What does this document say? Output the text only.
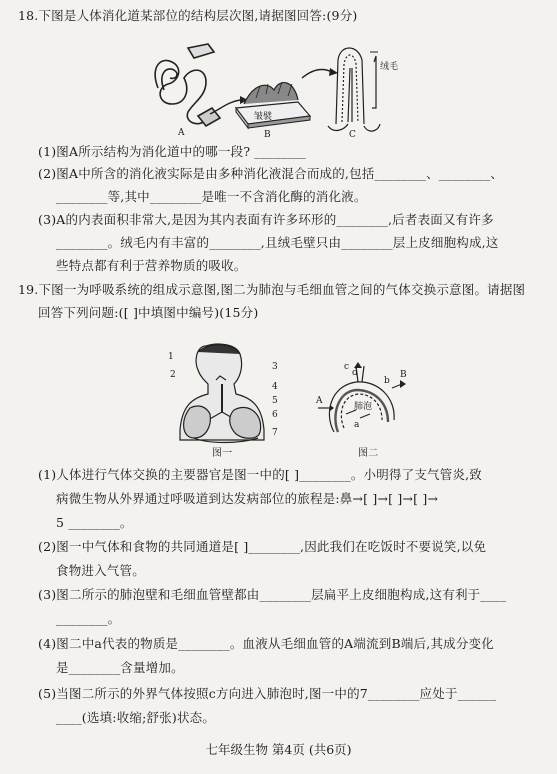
18.下图是人体消化道某部位的结构层次图,请据图回答:(9分)
A
皱襞
B	C
绒毛
(1)图A所示结构为消化道中的哪一段? ________
(2)图A中所含的消化液实际是由多种消化液混合而成的,包括________、________、
________等,其中________是唯一不含消化酶的消化液。
(3)A的内表面积非常大,是因为其内表面有许多环形的________,后者表面又有许多
________。绒毛内有丰富的________,且绒毛壁只由________层上皮细胞构成,这
些特点都有利于营养物质的吸收。
19.下图一为呼吸系统的组成示意图,图二为肺泡与毛细血管之间的气体交换示意图。请据图
回答下列问题:([ ]中填图中编号)(15分)
1
2
3
4
5
6
7
图一
c
d
b
a
肺泡
A
B
图二
(1)人体进行气体交换的主要器官是图一中的[ ]________。小明得了支气管炎,致
病微生物从外界通过呼吸道到达发病部位的旅程是:鼻→[ ]→[ ]→[ ]→
5 ________。
(2)图一中气体和食物的共同通道是[ ]________,因此我们在吃饭时不要说笑,以免
食物进入气管。
(3)图二所示的肺泡壁和毛细血管壁都由________层扁平上皮细胞构成,这有利于____
________。
(4)图二中a代表的物质是________。血液从毛细血管的A端流到B端后,其成分变化
是________含量增加。
(5)当图二所示的外界气体按照c方向进入肺泡时,图一中的7________应处于______
____(选填:收缩;舒张)状态。
七年级生物 第4页 (共6页)
